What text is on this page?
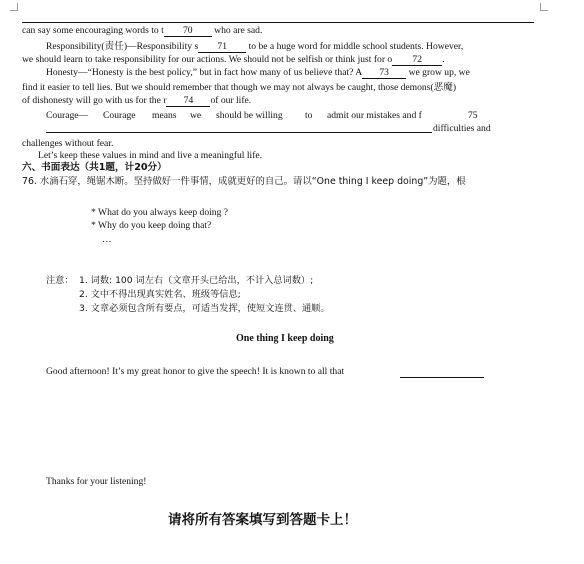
can say some encouraging words to t 70 who are sad.
Responsibility(责任)—Responsibility s 71 to be a huge word for middle school students. However,
we should learn to take responsibility for our actions. We should not be selfish or think just for o 72 .
Honesty—“Honesty is the best policy,” but in fact how many of us believe that? A 73 we grow up, we
find it easier to tell lies. But we should remember that though we may not always be caught, those demons(恶魔)
of dishonesty will go with us for the r 74 of our life.
Courage— Courage means we should be willing to admit our mistakes and f	75
difficulties and
challenges without fear.
Let’s keep these values in mind and live a meaningful life.
六、书面表达（共1题，计20分）
76. 水滴石穿，绳锯木断。坚持做好一件事情，成就更好的自己。请以“One thing I keep doing”为题，根
* What do you always keep doing ?
* Why do you keep doing that?
…
注意： 1. 词数: 100 词左右（文章开头已给出，不计入总词数）;
2. 文中不得出现真实姓名、班级等信息;
3. 文章必须包含所有要点，可适当发挥，使短文连贯、通顺。
One thing I keep doing
Good afternoon! It’s my great honor to give the speech! It is known to all that
Thanks for your listening!
请将所有答案填写到答题卡上！
